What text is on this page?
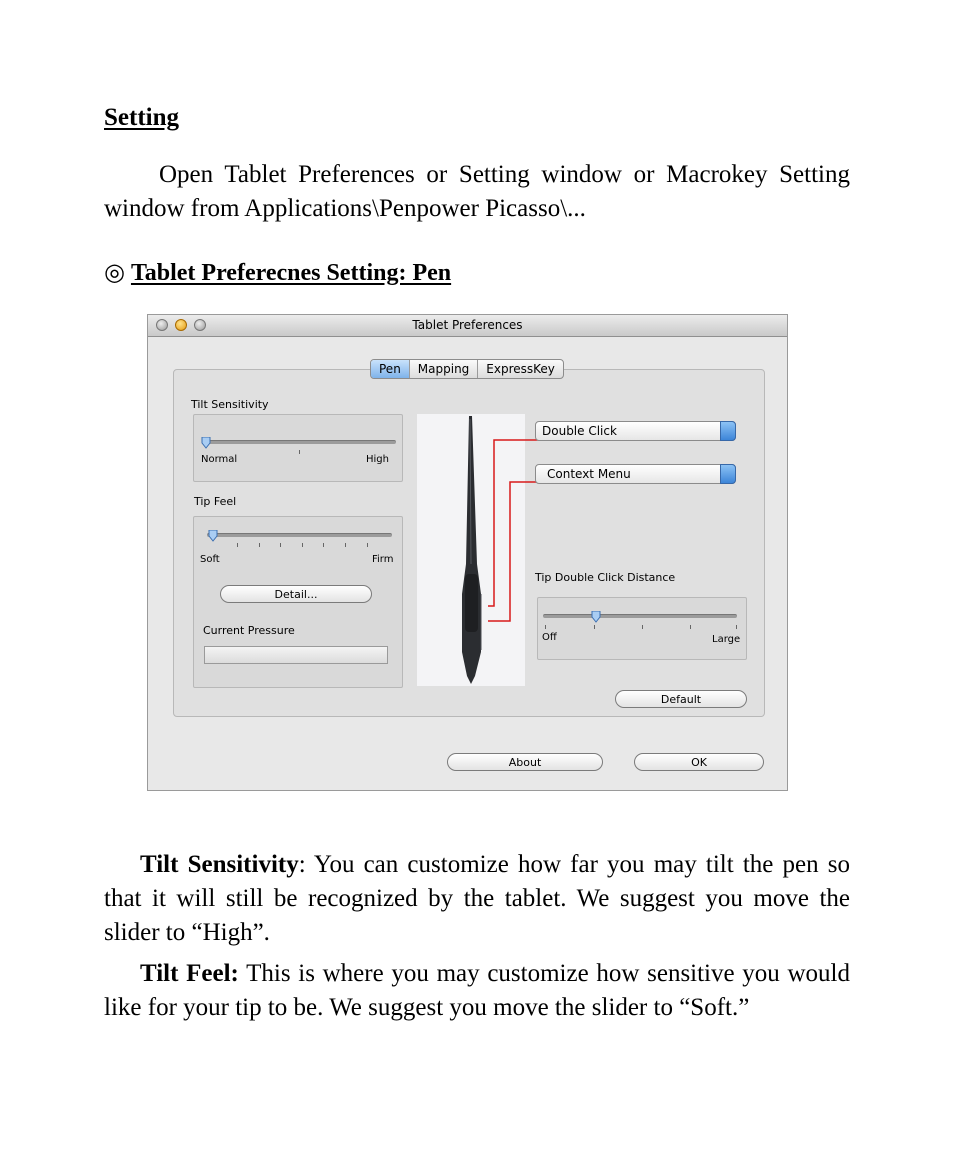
Setting
Open Tablet Preferences or Setting window or Macrokey Setting window from Applications\Penpower Picasso\...
◎ Tablet Preferecnes Setting: Pen
Tablet Preferences
Pen	Mapping	ExpressKey
Tilt Sensitivity
Normal	High
Tip Feel
Soft	Firm
Detail...
Current Pressure
Double Click
Context Menu
Tip Double Click Distance
Off	Large
Default
About	OK
Tilt Sensitivity: You can customize how far you may tilt the pen so that it will still be recognized by the tablet. We suggest you move the slider to “High”.
Tilt Feel: This is where you may customize how sensitive you would like for your tip to be. We suggest you move the slider to “Soft.”
